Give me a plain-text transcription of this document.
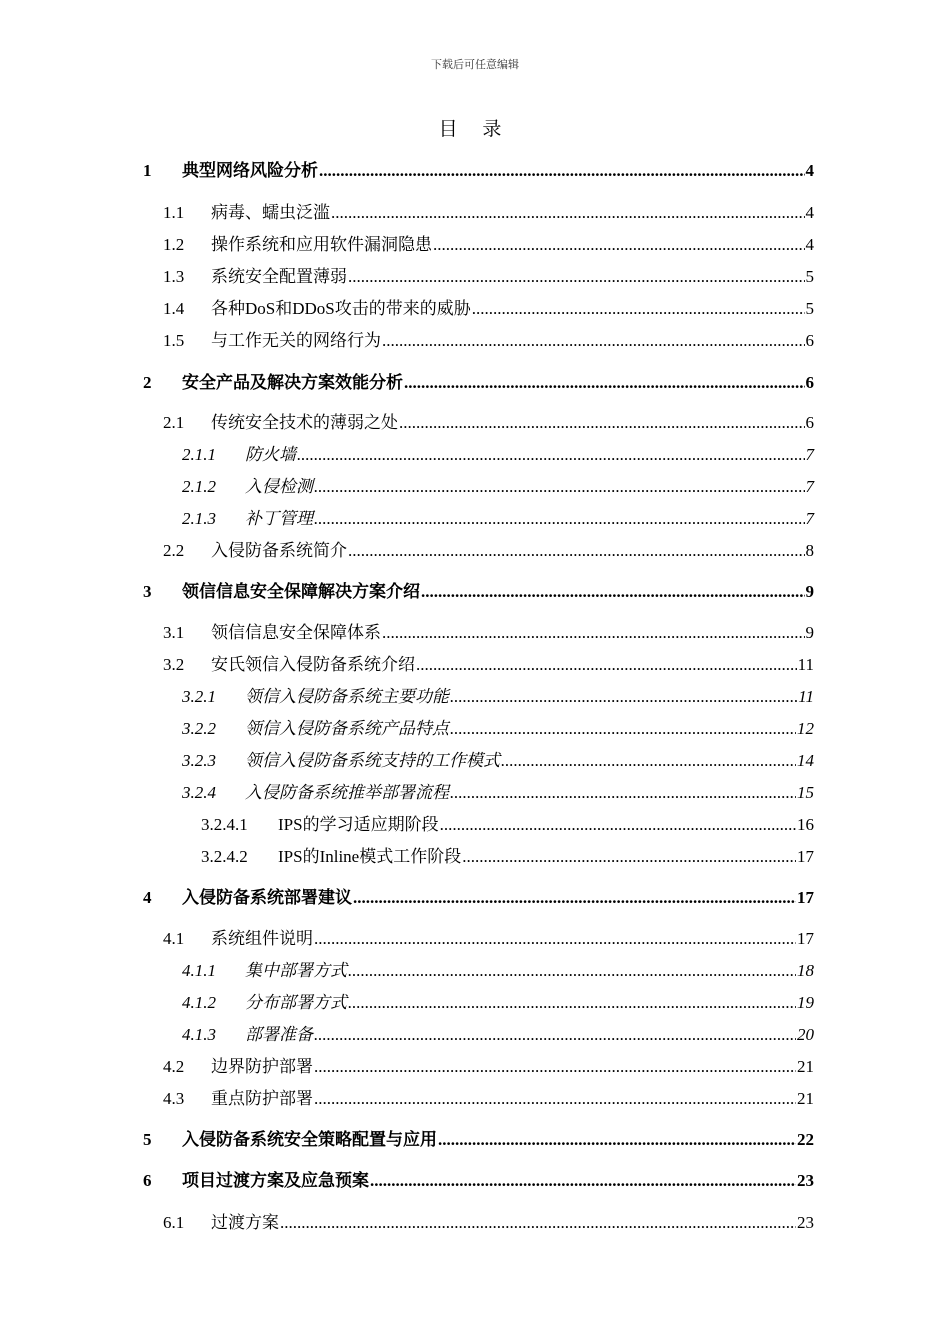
下载后可任意编辑
目 录
1	典型网络风险分析 .....	4
1.1	病毒、蠕虫泛滥 .....	4
1.2	操作系统和应用软件漏洞隐患 .....	4
1.3	系统安全配置薄弱 .....	5
1.4	各种DoS和DDoS攻击的带来的威胁 .....	5
1.5	与工作无关的网络行为 .....	6
2	安全产品及解决方案效能分析 .....	6
2.1	传统安全技术的薄弱之处 .....	6
2.1.1	防火墙 .....	7
2.1.2	入侵检测 .....	7
2.1.3	补丁管理 .....	7
2.2	入侵防备系统简介 .....	8
3	领信信息安全保障解决方案介绍 .....	9
3.1	领信信息安全保障体系 .....	9
3.2	安氏领信入侵防备系统介绍 .....	11
3.2.1	领信入侵防备系统主要功能 .....	11
3.2.2	领信入侵防备系统产品特点 .....	12
3.2.3	领信入侵防备系统支持的工作模式 .....	14
3.2.4	入侵防备系统推举部署流程 .....	15
3.2.4.1	IPS的学习适应期阶段 .....	16
3.2.4.2	IPS的Inline模式工作阶段 .....	17
4	入侵防备系统部署建议 .....	17
4.1	系统组件说明 .....	17
4.1.1	集中部署方式 .....	18
4.1.2	分布部署方式 .....	19
4.1.3	部署准备 .....	20
4.2	边界防护部署 .....	21
4.3	重点防护部署 .....	21
5	入侵防备系统安全策略配置与应用 .....	22
6	项目过渡方案及应急预案 .....	23
6.1	过渡方案 .....	23
